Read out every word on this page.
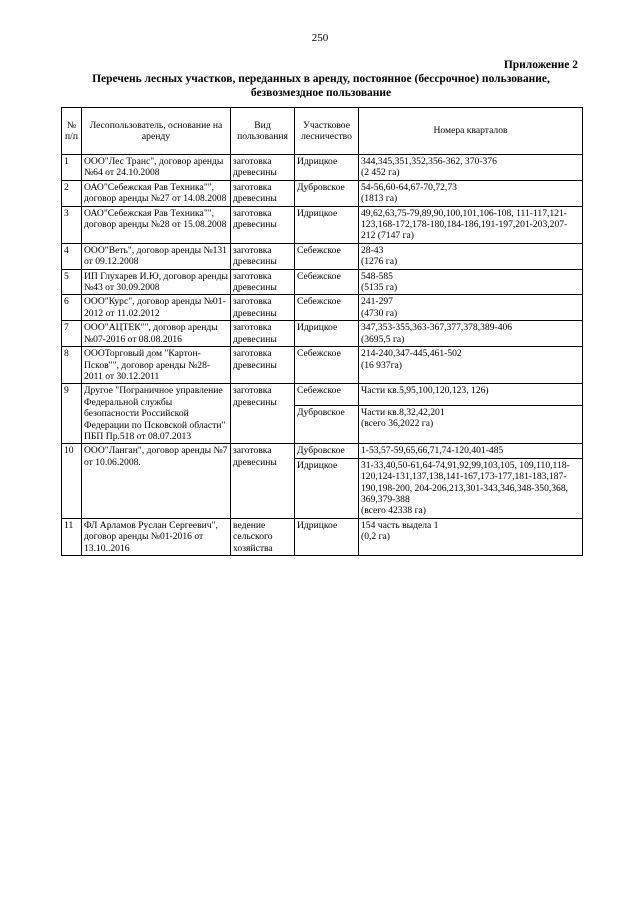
250
Приложение 2
Перечень лесных участков, переданных в аренду, постоянное (бессрочное) пользование, безвозмездное пользование
№ п/п	Лесопользователь, основание на аренду	Вид пользования	Участковое лесничество	Номера кварталов
1	ООО"Лес Транс", договор аренды №64 от 24.10.2008	заготовка древесины	Идрицкое	344,345,351,352,356-362, 370-376
(2 452 га)
2	ОАО"Себежская Рав Техника"", договор аренды №27 от 14.08.2008	заготовка древесины	Дубровское	54-56,60-64,67-70,72,73
(1813 га)
3	ОАО"Себежская Рав Техника"", договор аренды №28 от 15.08.2008	заготовка древесины	Идрицкое	49,62,63,75-79,89,90,100,101,106-108, 111-117,121-123,168-172,178-180,184-186,191-197,201-203,207-212 (7147 га)
4	ООО"Веть", договор аренды №131 от 09.12.2008	заготовка древесины	Себежское	28-43
(1276 га)
5	ИП Глухарев И.Ю, договор аренды №43 от 30.09.2008	заготовка древесины	Себежское	548-585
(5135 га)
6	ООО"Курс", договор аренды №01-2012 от 11.02.2012	заготовка древесины	Себежское	241-297
(4730 га)
7	ООО"АЦТЕК"", договор аренды №07-2016 от 08.08.2016	заготовка древесины	Идрицкое	347,353-355,363-367,377,378,389-406
(3695,5 га)
8	ОООТорговый дом "Картон-Псков"", договор аренды №28-2011 от 30.12.2011	заготовка древесины	Себежское	214-240,347-445,461-502
(16 937га)
9	Другое "Пограничное управление Федеральной службы безопасности Российской Федерации по Псковской области" ПБП Пр.518 от 08.07.2013	заготовка древесины	Себежское	Части кв.5,95,100,120,123, 126)
			Дубровское	Части кв.8,32,42,201
(всего 36,2022 га)
10	ООО"Ланган", договор аренды №7 от 10.06.2008.	заготовка древесины	Дубровское	1-53,57-59,65,66,71,74-120,401-485
			Идрицкое	31-33,40,50-61,64-74,91,92,99,103,105, 109,110,118-120,124-131,137,138,141-167,173-177,181-183,187-190,198-200, 204-206,213,301-343,346,348-350,368, 369,379-388
(всего 42338 га)
11	ФЛ Арламов Руслан Сергеевич", договор аренды №01-2016 от 13.10..2016	ведение сельского хозяйства	Идрицкое	154 часть выдела 1
(0,2 га)
